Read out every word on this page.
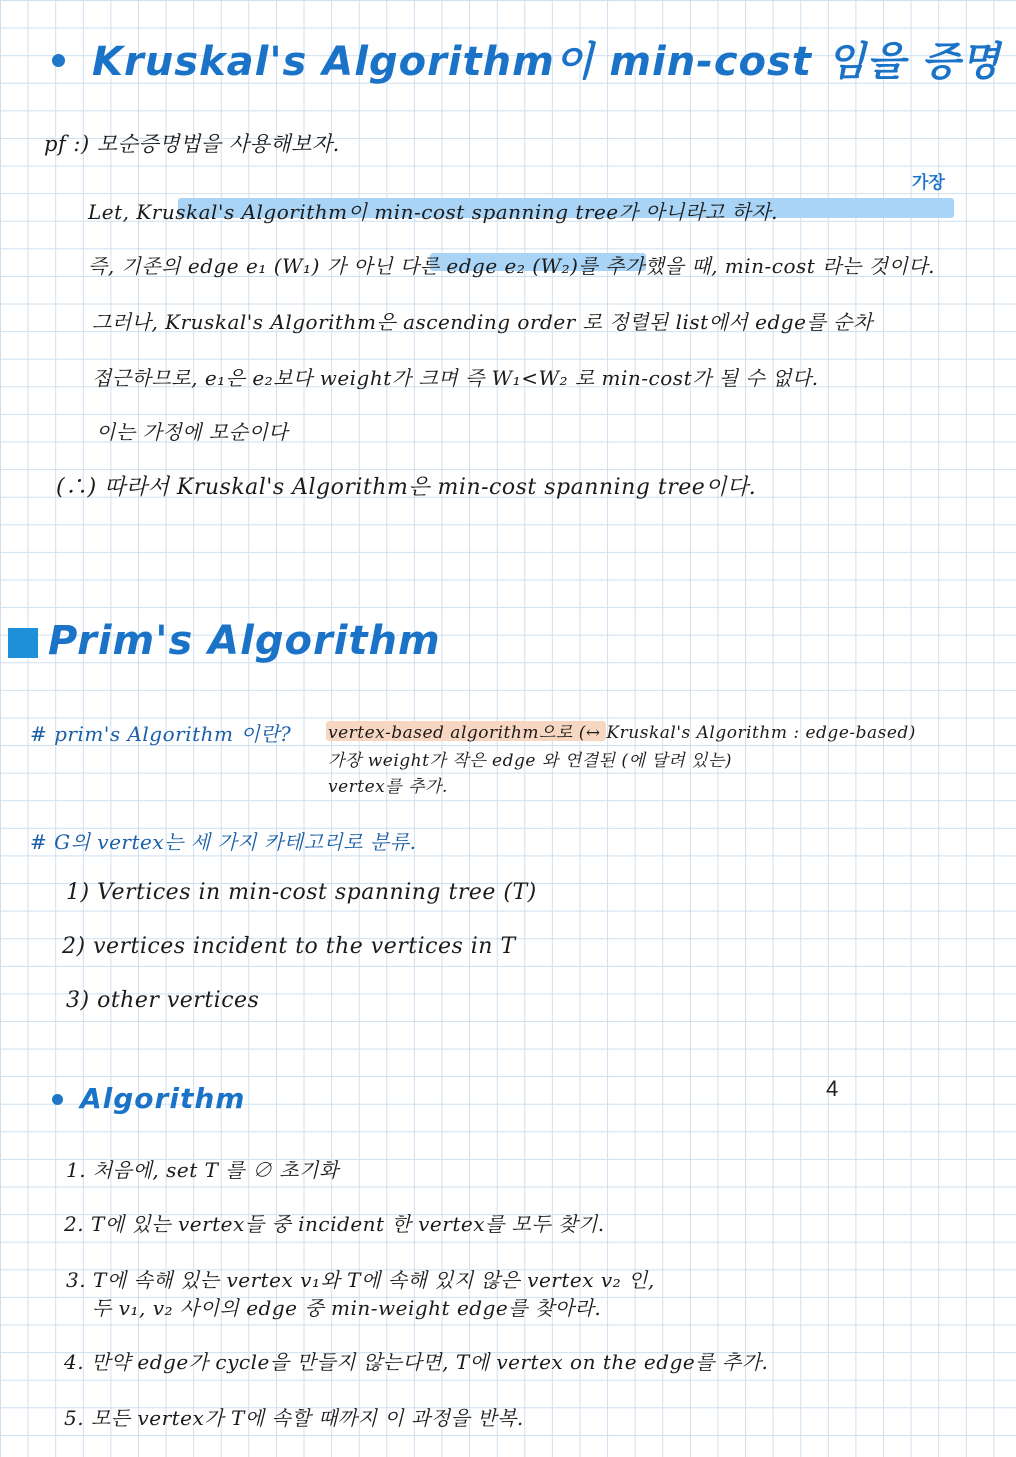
Kruskal's Algorithm이 min-cost 임을 증명
pf :) 모순증명법을 사용해보자.
가장
Let, Kruskal's Algorithm이 min-cost spanning tree가 아니라고 하자.
즉, 기존의 edge e₁ (W₁) 가 아닌 다른 edge e₂ (W₂)를 추가했을 때, min-cost 라는 것이다.
그러나, Kruskal's Algorithm은 ascending order 로 정렬된 list에서 edge를 순차
접근하므로, e₁은 e₂보다 weight가 크며 즉 W₁<W₂ 로 min-cost가 될 수 없다.
이는 가정에 모순이다
(∴) 따라서 Kruskal's Algorithm은 min-cost spanning tree이다.
Prim's Algorithm
# prim's Algorithm 이란? vertex-based algorithm으로 (↔ Kruskal's Algorithm : edge-based)
가장 weight가 작은 edge 와 연결된 (에 달려 있는)
vertex를 추가.
# G의 vertex는 세 가지 카테고리로 분류.
1) Vertices in min-cost spanning tree (T)
2) vertices incident to the vertices in T
3) other vertices
Algorithm	4
1. 처음에, set T 를 ∅ 초기화
2. T에 있는 vertex들 중 incident 한 vertex를 모두 찾기.
3. T에 속해 있는 vertex v₁와 T에 속해 있지 않은 vertex v₂ 인,
두 v₁, v₂ 사이의 edge 중 min-weight edge를 찾아라.
4. 만약 edge가 cycle을 만들지 않는다면, T에 vertex on the edge를 추가.
5. 모든 vertex가 T에 속할 때까지 이 과정을 반복.
